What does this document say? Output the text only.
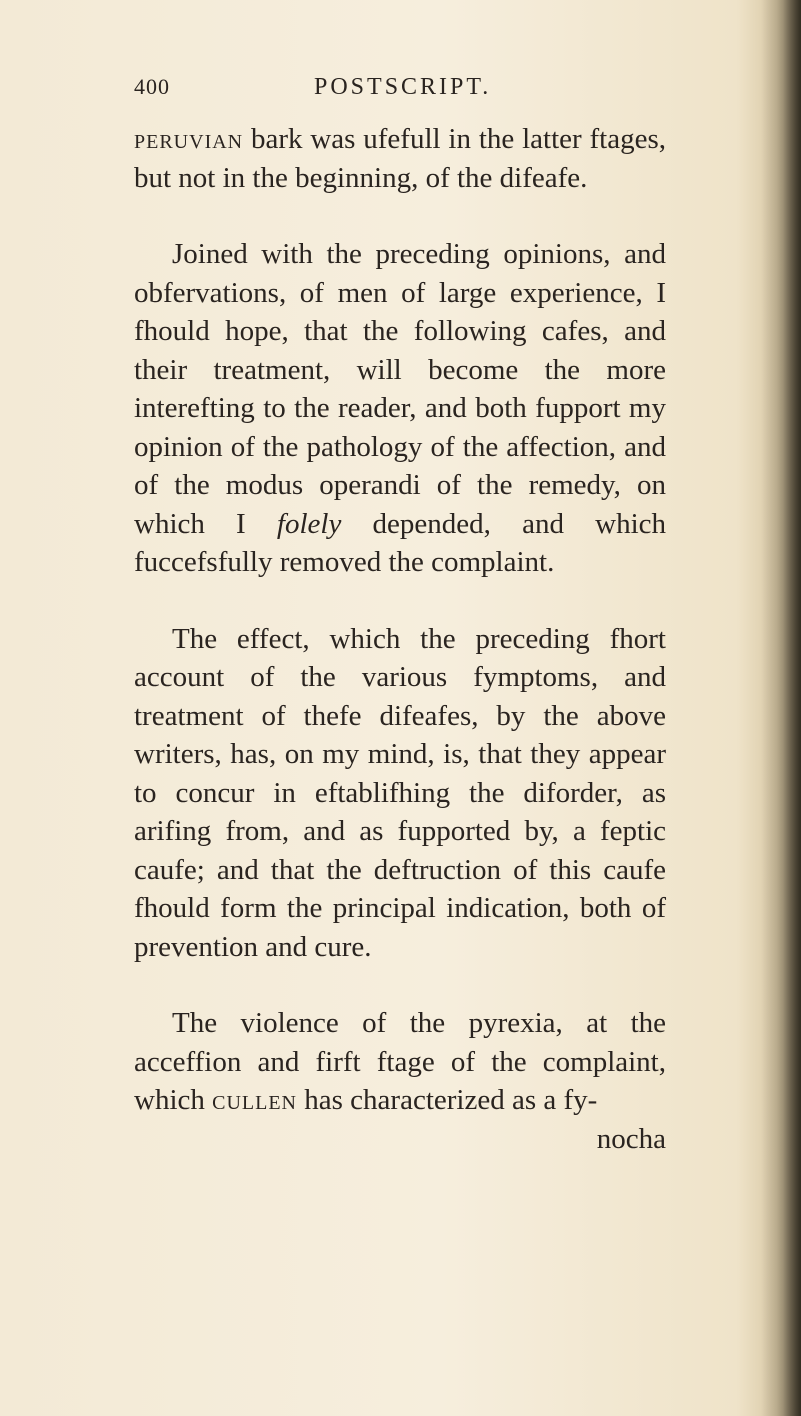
400	POSTSCRIPT.

peruvian bark was ufefull in the latter ftages, but not in the beginning, of the difeafe.

Joined with the preceding opinions, and obfervations, of men of large experience, I fhould hope, that the following cafes, and their treatment, will become the more interefting to the reader, and both fupport my opinion of the pathology of the affection, and of the modus operandi of the remedy, on which I folely depended, and which fuccefsfully removed the complaint.

The effect, which the preceding fhort account of the various fymptoms, and treatment of thefe difeafes, by the above writers, has, on my mind, is, that they appear to concur in eftablifhing the diforder, as arifing from, and as fupported by, a feptic caufe; and that the deftruction of this caufe fhould form the principal indication, both of prevention and cure.

The violence of the pyrexia, at the acceffion and firft ftage of the complaint, which cullen has characterized as a fy-

nocha
